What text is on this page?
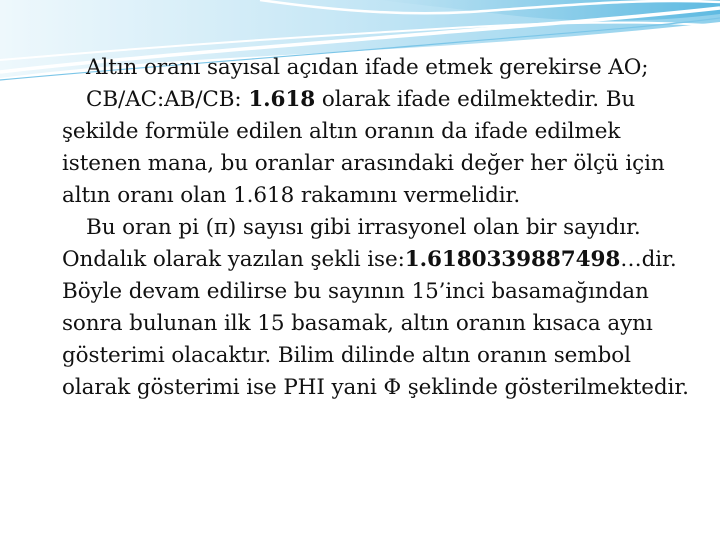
Altın oranı sayısal açıdan ifade etmek gerekirse AO;

CB/AC:AB/CB: 1.618 olarak ifade edilmektedir. Bu şekilde formüle edilen altın oranın da ifade edilmek istenen mana, bu oranlar arasındaki değer her ölçü için altın oranı olan 1.618 rakamını vermelidir.

Bu oran pi (π) sayısı gibi irrasyonel olan bir sayıdır. Ondalık olarak yazılan şekli ise:1.6180339887498…dir. Böyle devam edilirse bu sayının 15’inci basamağından sonra bulunan ilk 15 basamak, altın oranın kısaca aynı gösterimi olacaktır. Bilim dilinde altın oranın sembol olarak gösterimi ise PHI yani Φ şeklinde gösterilmektedir.
